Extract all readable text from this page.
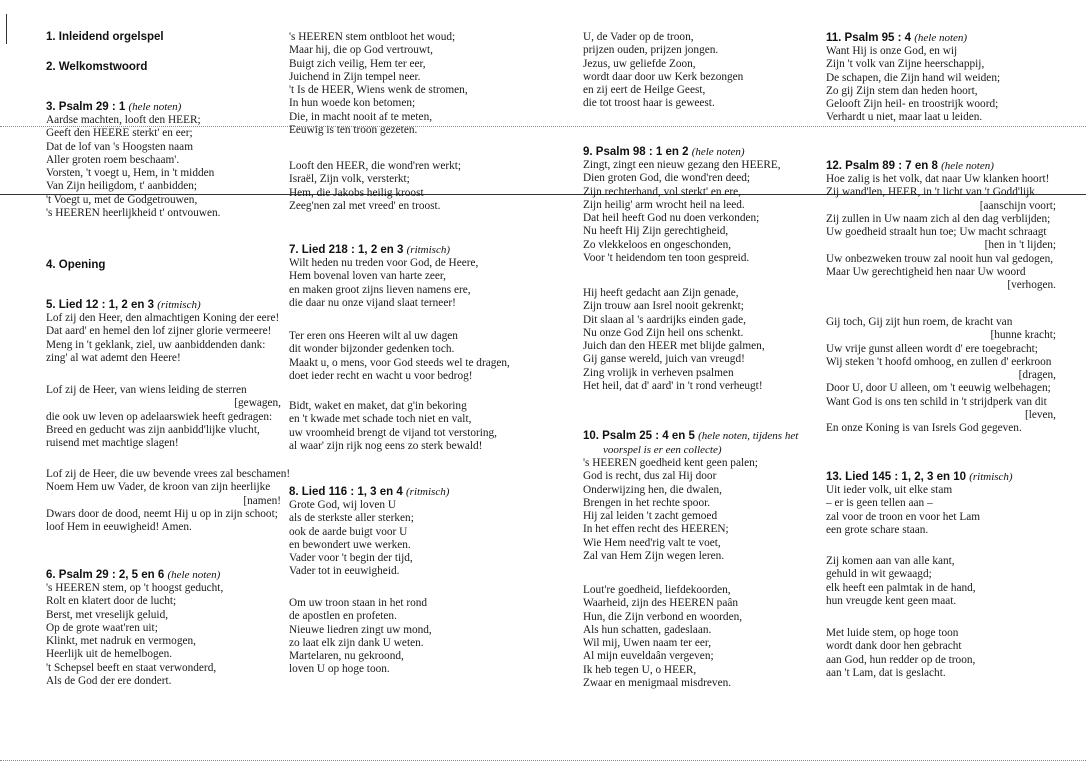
1. Inleidend orgelspel
2. Welkomstwoord
3. Psalm 29 : 1 (hele noten)
Aardse machten, looft den HEER;
Geeft den HEERE sterkt' en eer;
Dat de lof van 's Hoogsten naam
Aller groten roem beschaam'.
Vorsten, 't voegt u, Hem, in 't midden
Van Zijn heiligdom, t' aanbidden;
't Voegt u, met de Godgetrouwen,
's HEEREN heerlijkheid t' ontvouwen.
4. Opening
5. Lied 12 : 1, 2 en 3 (ritmisch)
Lof zij den Heer, den almachtigen Koning der eere!
Dat aard' en hemel den lof zijner glorie vermeere!
Meng in 't geklank, ziel, uw aanbiddenden dank:
zing' al wat ademt den Heere!
Lof zij de Heer, van wiens leiding de sterren
[gewagen,
die ook uw leven op adelaarswiek heeft gedragen:
Breed en geducht was zijn aanbidd'lijke vlucht,
ruisend met machtige slagen!
Lof zij de Heer, die uw bevende vrees zal beschamen!
Noem Hem uw Vader, de kroon van zijn heerlijke
[namen!
Dwars door de dood, neemt Hij u op in zijn schoot;
loof Hem in eeuwigheid! Amen.
6. Psalm 29 : 2, 5 en 6 (hele noten)
's HEEREN stem, op 't hoogst geducht,
Rolt en klatert door de lucht;
Berst, met vreselijk geluid,
Op de grote waat'ren uit;
Klinkt, met nadruk en vermogen,
Heerlijk uit de hemelbogen.
't Schepsel beeft en staat verwonderd,
Als de God der ere dondert.
's HEEREN stem ontbloot het woud;
Maar hij, die op God vertrouwt,
Buigt zich veilig, Hem ter eer,
Juichend in Zijn tempel neer.
't Is de HEER, Wiens wenk de stromen,
In hun woede kon betomen;
Die, in macht nooit af te meten,
Eeuwig is ten troon gezeten.
Looft den HEER, die wond'ren werkt;
Israël, Zijn volk, versterkt;
Hem, die Jakobs heilig kroost
Zeeg'nen zal met vreed' en troost.
7. Lied 218 : 1, 2 en 3 (ritmisch)
Wilt heden nu treden voor God, de Heere,
Hem bovenal loven van harte zeer,
en maken groot zijns lieven namens ere,
die daar nu onze vijand slaat terneer!
Ter eren ons Heeren wilt al uw dagen
dit wonder bijzonder gedenken toch.
Maakt u, o mens, voor God steeds wel te dragen,
doet ieder recht en wacht u voor bedrog!
Bidt, waket en maket, dat g'in bekoring
en 't kwade met schade toch niet en valt,
uw vroomheid brengt de vijand tot verstoring,
al waar' zijn rijk nog eens zo sterk bewald!
8. Lied 116 : 1, 3 en 4 (ritmisch)
Grote God, wij loven U
als de sterkste aller sterken;
ook de aarde buigt voor U
en bewondert uwe werken.
Vader voor 't begin der tijd,
Vader tot in eeuwigheid.
Om uw troon staan in het rond
de apostlen en profeten.
Nieuwe liedren zingt uw mond,
zo laat elk zijn dank U weten.
Martelaren, nu gekroond,
loven U op hoge toon.
U, de Vader op de troon,
prijzen ouden, prijzen jongen.
Jezus, uw geliefde Zoon,
wordt daar door uw Kerk bezongen
en zij eert de Heilge Geest,
die tot troost haar is geweest.
9. Psalm 98 : 1 en 2 (hele noten)
Zingt, zingt een nieuw gezang den HEERE,
Dien groten God, die wond'ren deed;
Zijn rechterhand, vol sterkt' en ere,
Zijn heilig' arm wrocht heil na leed.
Dat heil heeft God nu doen verkonden;
Nu heeft Hij Zijn gerechtigheid,
Zo vlekkeloos en ongeschonden,
Voor 't heidendom ten toon gespreid.
Hij heeft gedacht aan Zijn genade,
Zijn trouw aan Isrel nooit gekrenkt;
Dit slaan al 's aardrijks einden gade,
Nu onze God Zijn heil ons schenkt.
Juich dan den HEER met blijde galmen,
Gij ganse wereld, juich van vreugd!
Zing vrolijk in verheven psalmen
Het heil, dat d' aard' in 't rond verheugt!
10. Psalm 25 : 4 en 5 (hele noten, tijdens het
voorspel is er een collecte)
's HEEREN goedheid kent geen palen;
God is recht, dus zal Hij door
Onderwijzing hen, die dwalen,
Brengen in het rechte spoor.
Hij zal leiden 't zacht gemoed
In het effen recht des HEEREN;
Wie Hem need'rig valt te voet,
Zal van Hem Zijn wegen leren.
Lout're goedheid, liefdekoorden,
Waarheid, zijn des HEEREN paân
Hun, die Zijn verbond en woorden,
Als hun schatten, gadeslaan.
Wil mij, Uwen naam ter eer,
Al mijn euveldaân vergeven;
Ik heb tegen U, o HEER,
Zwaar en menigmaal misdreven.
11. Psalm 95 : 4 (hele noten)
Want Hij is onze God, en wij
Zijn 't volk van Zijne heerschappij,
De schapen, die Zijn hand wil weiden;
Zo gij Zijn stem dan heden hoort,
Gelooft Zijn heil- en troostrijk woord;
Verhardt u niet, maar laat u leiden.
12. Psalm 89 : 7 en 8 (hele noten)
Hoe zalig is het volk, dat naar Uw klanken hoort!
Zij wand'len, HEER, in 't licht van 't Godd'lijk
[aanschijn voort;
Zij zullen in Uw naam zich al den dag verblijden;
Uw goedheid straalt hun toe; Uw macht schraagt
[hen in 't lijden;
Uw onbezweken trouw zal nooit hun val gedogen,
Maar Uw gerechtigheid hen naar Uw woord
[verhogen.
Gij toch, Gij zijt hun roem, de kracht van
[hunne kracht;
Uw vrije gunst alleen wordt d' ere toegebracht;
Wij steken 't hoofd omhoog, en zullen d' eerkroon
[dragen,
Door U, door U alleen, om 't eeuwig welbehagen;
Want God is ons ten schild in 't strijdperk van dit
[leven,
En onze Koning is van Isrels God gegeven.
13. Lied 145 : 1, 2, 3 en 10 (ritmisch)
Uit ieder volk, uit elke stam
– er is geen tellen aan –
zal voor de troon en voor het Lam
een grote schare staan.
Zij komen aan van alle kant,
gehuld in wit gewaagd;
elk heeft een palmtak in de hand,
hun vreugde kent geen maat.
Met luide stem, op hoge toon
wordt dank door hen gebracht
aan God, hun redder op de troon,
aan 't Lam, dat is geslacht.
